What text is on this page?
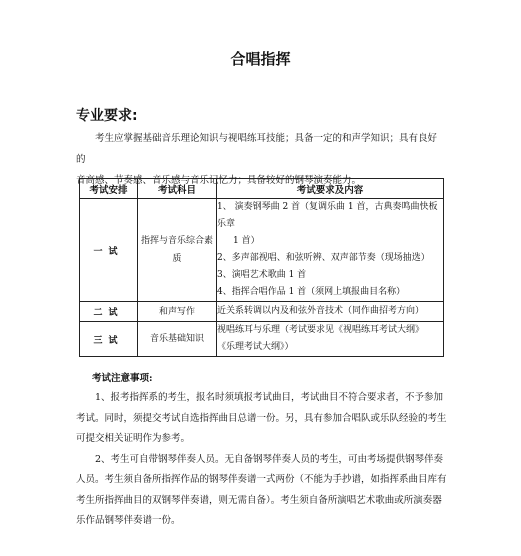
合唱指挥
专业要求:
考生应掌握基础音乐理论知识与视唱练耳技能；具备一定的和声学知识；具有良好的
音高感、节奏感、音乐感与音乐记忆力；具备较好的钢琴演奏能力。
考试安排	考试科目	考试要求及内容
一试	指挥与音乐综合素质	1、 演奏钢琴曲 2 首（复调乐曲 1 首，古典奏鸣曲快板乐章
1 首）
2、多声部视唱、和弦听辨、双声部节奏（现场抽选）
3、演唱艺术歌曲 1 首
4、指挥合唱作品 1 首（须网上填报曲目名称）

二试	和声写作	近关系转调以内及和弦外音技术（同作曲招考方向）

三试	音乐基础知识	视唱练耳与乐理（考试要求见《视唱练耳考试大纲》
《乐理考试大纲》）
考试注意事项:

1、报考指挥系的考生，报名时须填报考试曲目，考试曲目不符合要求者，不予参加考试。同时，须提交考试自选指挥曲目总谱一份。另，具有参加合唱队或乐队经验的考生可提交相关证明作为参考。

2、考生可自带钢琴伴奏人员。无自备钢琴伴奏人员的考生，可由考场提供钢琴伴奏人员。考生须自备所指挥作品的钢琴伴奏谱一式两份（不能为手抄谱，如指挥系曲目库有考生所指挥曲目的双钢琴伴奏谱，则无需自备）。考生须自备所演唱艺术歌曲或所演奏器乐作品钢琴伴奏谱一份。
